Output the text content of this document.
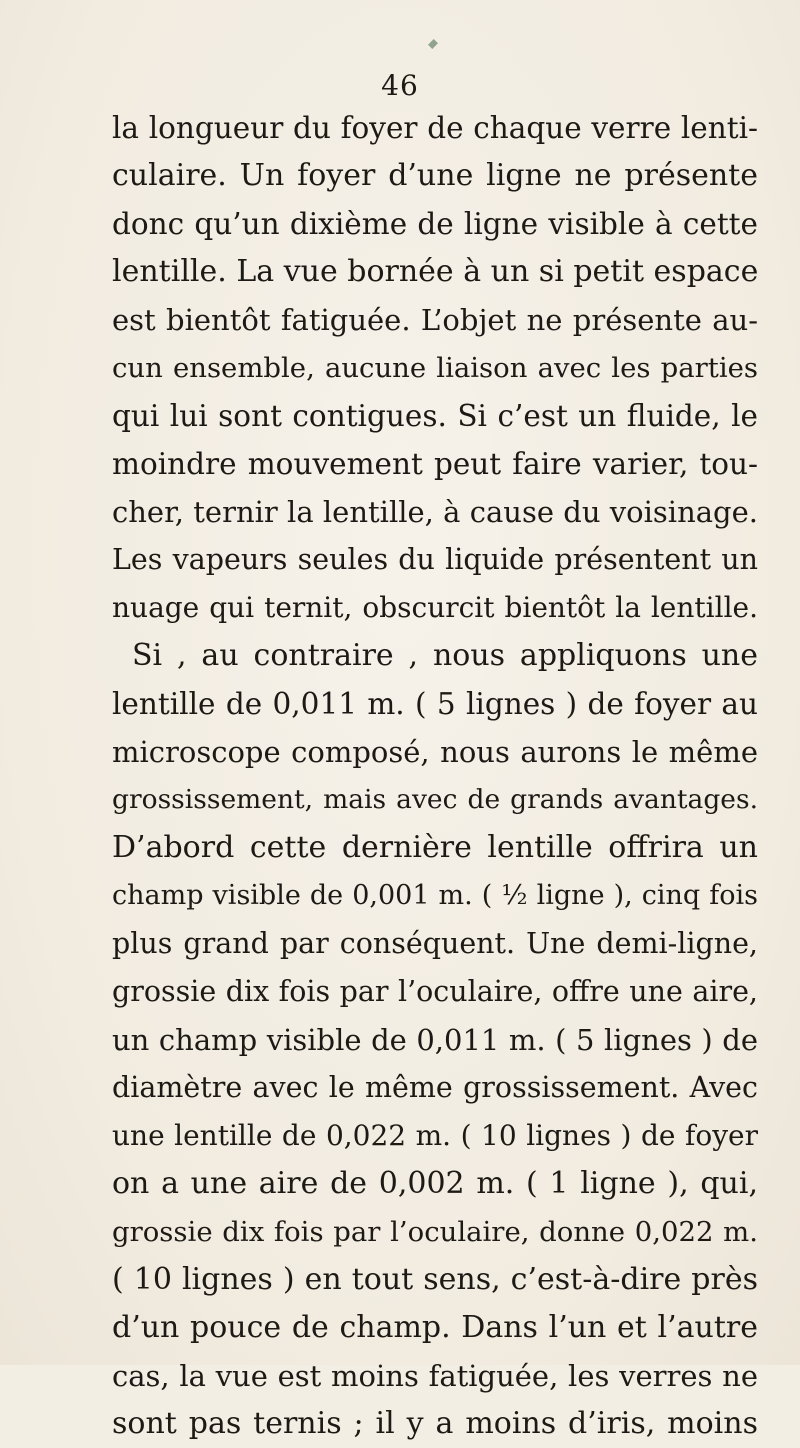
46
la longueur du foyer de chaque verre lenti-
culaire. Un foyer d’une ligne ne présente
donc qu’un dixième de ligne visible à cette
lentille. La vue bornée à un si petit espace
est bientôt fatiguée. L’objet ne présente au-
cun ensemble, aucune liaison avec les parties
qui lui sont contigues. Si c’est un fluide, le
moindre mouvement peut faire varier, tou-
cher, ternir la lentille, à cause du voisinage.
Les vapeurs seules du liquide présentent un
nuage qui ternit, obscurcit bientôt la lentille.
Si , au contraire , nous appliquons une
lentille de 0,011 m. ( 5 lignes ) de foyer au
microscope composé, nous aurons le même
grossissement, mais avec de grands avantages.
D’abord cette dernière lentille offrira un
champ visible de 0,001 m. ( ½ ligne ), cinq fois
plus grand par conséquent. Une demi-ligne,
grossie dix fois par l’oculaire, offre une aire,
un champ visible de 0,011 m. ( 5 lignes ) de
diamètre avec le même grossissement. Avec
une lentille de 0,022 m. ( 10 lignes ) de foyer
on a une aire de 0,002 m. ( 1 ligne ), qui,
grossie dix fois par l’oculaire, donne 0,022 m.
( 10 lignes ) en tout sens, c’est-à-dire près
d’un pouce de champ. Dans l’un et l’autre
cas, la vue est moins fatiguée, les verres ne
sont pas ternis ; il y a moins d’iris, moins
